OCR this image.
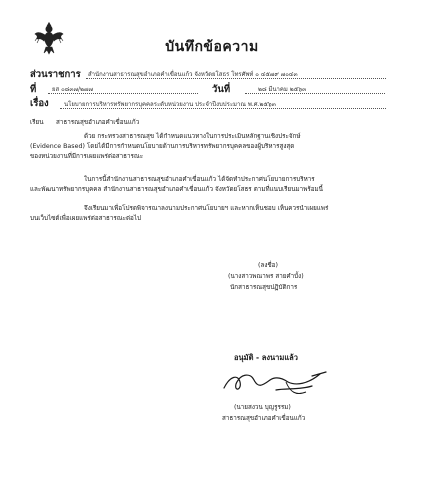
บันทึกข้อความ
ส่วนราชการ สำนักงานสาธารณสุขอำเภอคำเขื่อนแก้ว จังหวัดยโสธร โทรศัพท์ ๐ ๔๕๗๙ ๗๐๔๓
ที่	ยส ๐๘๓๗/๒๗๗	วันที่	๒๘ มีนาคม ๒๕๖๓
เรื่อง	นโยบายการบริหารทรัพยากรบุคคลระดับหน่วยงาน ประจำปีงบประมาณ พ.ศ.๒๕๖๓
เรียน สาธารณสุขอำเภอคำเขื่อนแก้ว
ด้วย กระทรวงสาธารณสุข ได้กำหนดแนวทางในการประเมินหลักฐานเชิงประจักษ์
(Evidence Based) โดยได้มีการกำหนดนโยบายด้านการบริหารทรัพยากรบุคคลของผู้บริหารสูงสุด
ของหน่วยงานที่มีการเผยแพร่ต่อสาธารณะ
ในการนี้สำนักงานสาธารณสุขอำเภอคำเขื่อนแก้ว ได้จัดทำประกาศนโยบายการบริหาร
และพัฒนาทรัพยากรบุคคล สำนักงานสาธารณสุขอำเภอคำเขื่อนแก้ว จังหวัดยโสธร ตามที่แนบเรียนมาพร้อมนี้
จึงเรียนมาเพื่อโปรดพิจารณาลงนามประกาศนโยบายฯ และหากเห็นชอบ เห็นควรนำเผยแพร่
บนเว็บไซต์เพื่อเผยแพร่ต่อสาธารณะต่อไป
(ลงชื่อ)
(นางสาวพณาพร สายคำบั้ง)
นักสาธารณสุขปฏิบัติการ
อนุมัติ - ลงนามแล้ว
(นายสงวน บุญรูรรม)
สาธารณสุขอำเภอคำเขื่อนแก้ว
